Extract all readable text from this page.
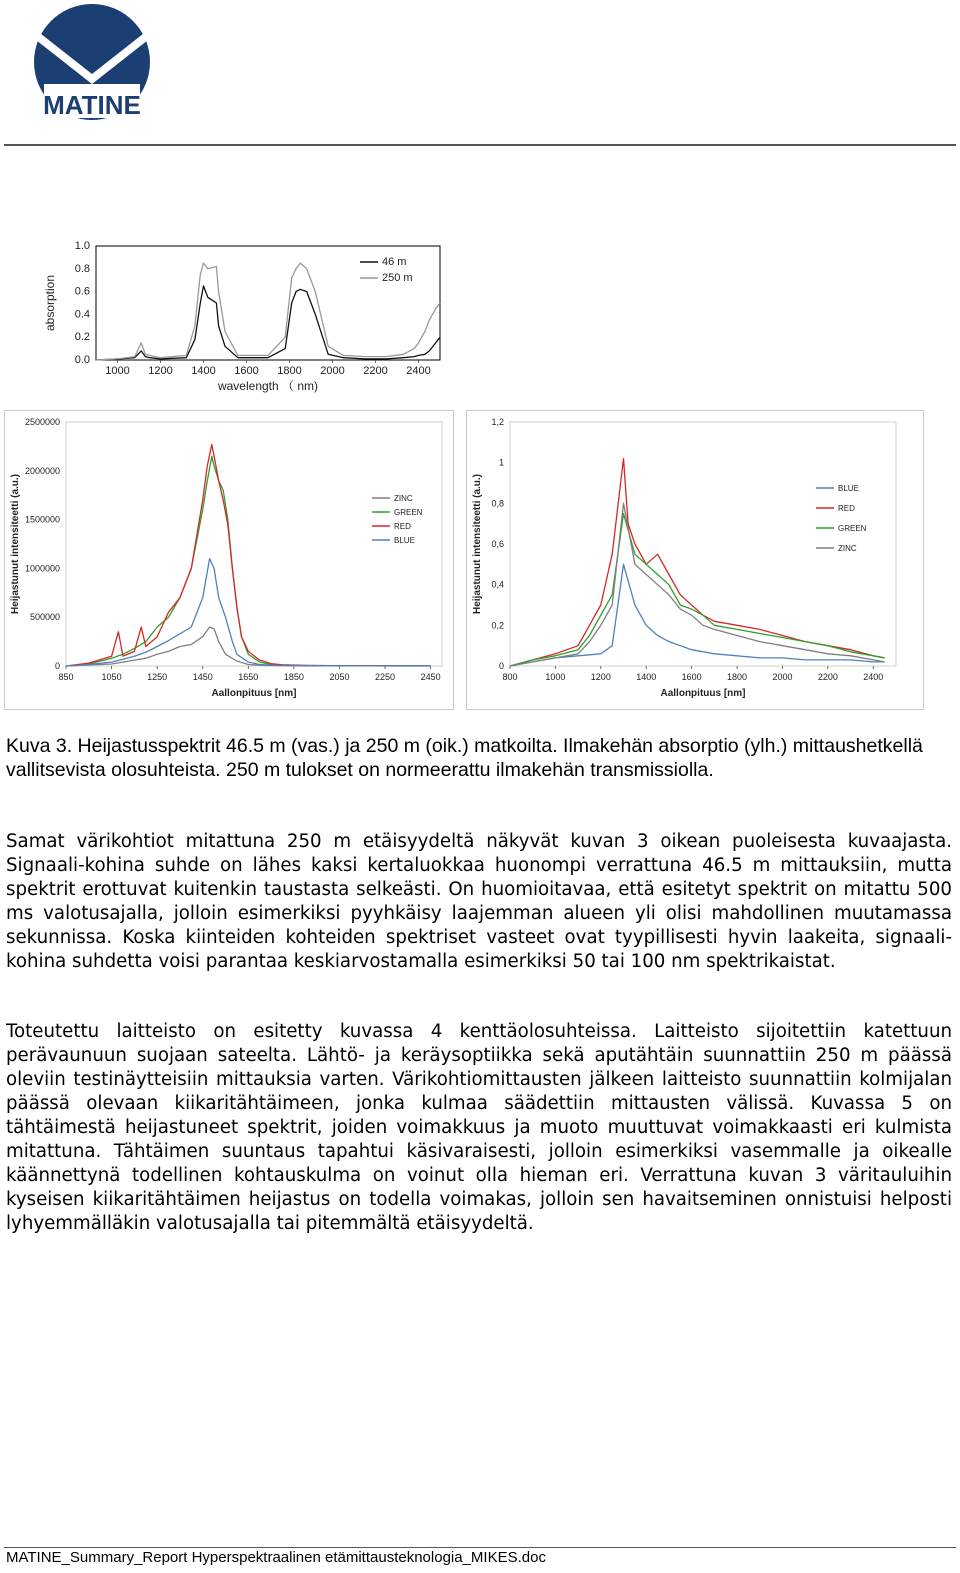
MATINE
0.0
0.2
0.4
0.6
0.8
1.0
1000 1200 1400 1600 1800 2000 2200 2400
wavelength （ nm)
absorption
46 m
250 m
0
500000
1000000
1500000
2000000
2500000
850	1050	1250	1450	1650	1850	2050	2250	2450
Aallonpituus [nm]
Heijastunut intensiteetti (a.u.)	ZINC
GREEN
RED
BLUE
0
0,2
0,4
0,6
0,8
1
1,2
800	1000	1200	1400	1600	1800	2000	2200	2400
Aallonpituus [nm]
Heijastunut intensiteetti (a.u.)	BLUE
RED
GREEN
ZINC
Kuva 3. Heijastusspektrit 46.5 m (vas.) ja 250 m (oik.) matkoilta. Ilmakehän absorptio (ylh.) mittaushetkellä vallitsevista olosuhteista. 250 m tulokset on normeerattu ilmakehän transmissiolla.
Samat värikohtiot mitattuna 250 m etäisyydeltä näkyvät kuvan 3 oikean puoleisesta kuvaajasta. Signaali-kohina suhde on lähes kaksi kertaluokkaa huonompi verrattuna 46.5 m mittauksiin, mutta spektrit erottuvat kuitenkin taustasta selkeästi. On huomioitavaa, että esitetyt spektrit on mitattu 500 ms valotusajalla, jolloin esimerkiksi pyyhkäisy laajemman alueen yli olisi mahdollinen muutamassa sekunnissa. Koska kiinteiden kohteiden spektriset vasteet ovat tyypillisesti hyvin laakeita, signaali-kohina suhdetta voisi parantaa keskiarvostamalla esimerkiksi 50 tai 100 nm spektrikaistat.
Toteutettu laitteisto on esitetty kuvassa 4 kenttäolosuhteissa. Laitteisto sijoitettiin katettuun perävaunuun suojaan sateelta. Lähtö- ja keräysoptiikka sekä aputähtäin suunnattiin 250 m päässä oleviin testinäytteisiin mittauksia varten. Värikohtiomittausten jälkeen laitteisto suunnattiin kolmijalan päässä olevaan kiikaritähtäimeen, jonka kulmaa säädettiin mittausten välissä. Kuvassa 5 on tähtäimestä heijastuneet spektrit, joiden voimakkuus ja muoto muuttuvat voimakkaasti eri kulmista mitattuna. Tähtäimen suuntaus tapahtui käsivaraisesti, jolloin esimerkiksi vasemmalle ja oikealle käännettynä todellinen kohtauskulma on voinut olla hieman eri. Verrattuna kuvan 3 väritauluihin kyseisen kiikaritähtäimen heijastus on todella voimakas, jolloin sen havaitseminen onnistuisi helposti lyhyemmälläkin valotusajalla tai pitemmältä etäisyydeltä.
MATINE_Summary_Report Hyperspektraalinen etämittausteknologia_MIKES.doc
